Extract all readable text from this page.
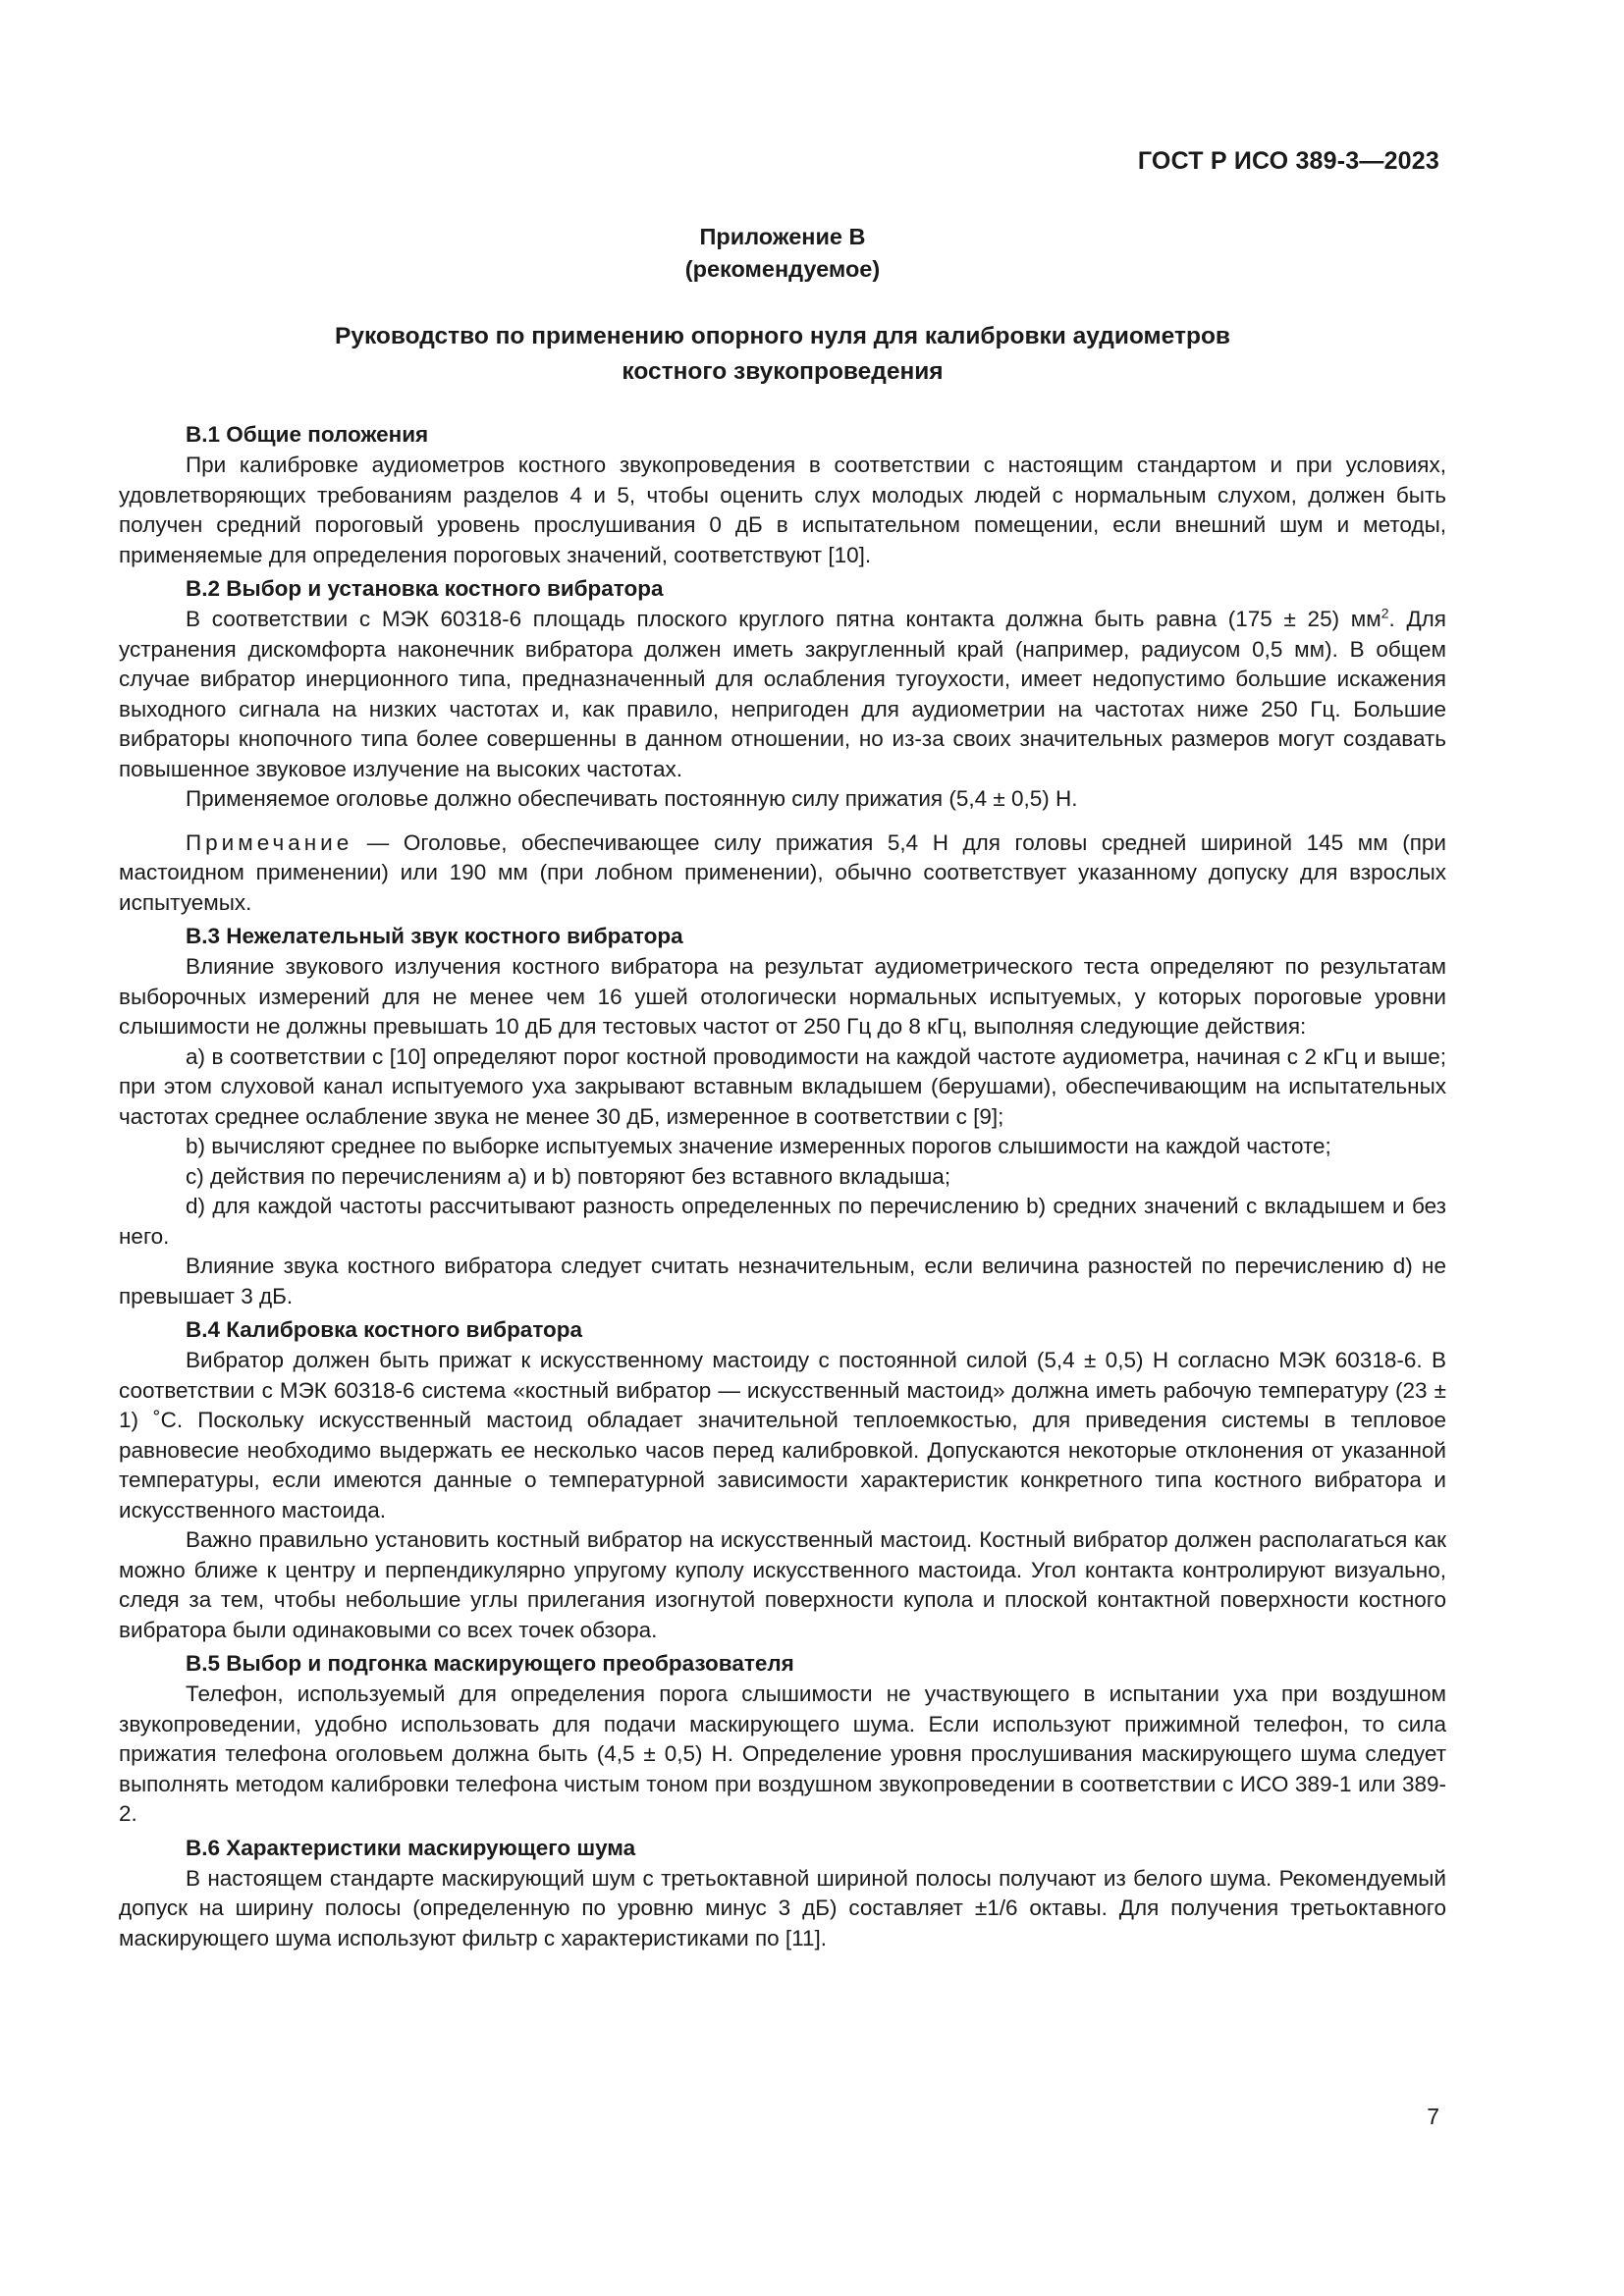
ГОСТ Р ИСО 389-3—2023
Приложение В
(рекомендуемое)
Руководство по применению опорного нуля для калибровки аудиометров
костного звукопроведения
В.1 Общие положения

При калибровке аудиометров костного звукопроведения в соответствии с настоящим стандартом и при условиях, удовлетворяющих требованиям разделов 4 и 5, чтобы оценить слух молодых людей с нормальным слухом, должен быть получен средний пороговый уровень прослушивания 0 дБ в испытательном помещении, если внешний шум и методы, применяемые для определения пороговых значений, соответствуют [10].

В.2 Выбор и установка костного вибратора

В соответствии с МЭК 60318-6 площадь плоского круглого пятна контакта должна быть равна (175 ± 25) $мм^2$. Для устранения дискомфорта наконечник вибратора должен иметь закругленный край (например, радиусом 0,5 мм). В общем случае вибратор инерционного типа, предназначенный для ослабления тугоухости, имеет недопустимо большие искажения выходного сигнала на низких частотах и, как правило, непригоден для аудиометрии на частотах ниже 250 Гц. Большие вибраторы кнопочного типа более совершенны в данном отношении, но из-за своих значительных размеров могут создавать повышенное звуковое излучение на высоких частотах.

Применяемое оголовье должно обеспечивать постоянную силу прижатия (5,4 ± 0,5) Н.

Примечание — Оголовье, обеспечивающее силу прижатия 5,4 Н для головы средней шириной 145 мм (при мастоидном применении) или 190 мм (при лобном применении), обычно соответствует указанному допуску для взрослых испытуемых.

В.3 Нежелательный звук костного вибратора

Влияние звукового излучения костного вибратора на результат аудиометрического теста определяют по результатам выборочных измерений для не менее чем 16 ушей отологически нормальных испытуемых, у которых пороговые уровни слышимости не должны превышать 10 дБ для тестовых частот от 250 Гц до 8 кГц, выполняя следующие действия:

a) в соответствии с [10] определяют порог костной проводимости на каждой частоте аудиометра, начиная с 2 кГц и выше; при этом слуховой канал испытуемого уха закрывают вставным вкладышем (берушами), обеспечивающим на испытательных частотах среднее ослабление звука не менее 30 дБ, измеренное в соответствии с [9];

b) вычисляют среднее по выборке испытуемых значение измеренных порогов слышимости на каждой частоте;

c) действия по перечислениям a) и b) повторяют без вставного вкладыша;

d) для каждой частоты рассчитывают разность определенных по перечислению b) средних значений с вкладышем и без него.

Влияние звука костного вибратора следует считать незначительным, если величина разностей по перечислению d) не превышает 3 дБ.

В.4 Калибровка костного вибратора

Вибратор должен быть прижат к искусственному мастоиду с постоянной силой (5,4 ± 0,5) Н согласно МЭК 60318-6. В соответствии с МЭК 60318-6 система «костный вибратор — искусственный мастоид» должна иметь рабочую температуру (23 ± 1) ˚С. Поскольку искусственный мастоид обладает значительной теплоемкостью, для приведения системы в тепловое равновесие необходимо выдержать ее несколько часов перед калибровкой. Допускаются некоторые отклонения от указанной температуры, если имеются данные о температурной зависимости характеристик конкретного типа костного вибратора и искусственного мастоида.

Важно правильно установить костный вибратор на искусственный мастоид. Костный вибратор должен располагаться как можно ближе к центру и перпендикулярно упругому куполу искусственного мастоида. Угол контакта контролируют визуально, следя за тем, чтобы небольшие углы прилегания изогнутой поверхности купола и плоской контактной поверхности костного вибратора были одинаковыми со всех точек обзора.

В.5 Выбор и подгонка маскирующего преобразователя

Телефон, используемый для определения порога слышимости не участвующего в испытании уха при воздушном звукопроведении, удобно использовать для подачи маскирующего шума. Если используют прижимной телефон, то сила прижатия телефона оголовьем должна быть (4,5 ± 0,5) Н. Определение уровня прослушивания маскирующего шума следует выполнять методом калибровки телефона чистым тоном при воздушном звукопроведении в соответствии с ИСО 389-1 или 389-2.

В.6 Характеристики маскирующего шума

В настоящем стандарте маскирующий шум с третьоктавной шириной полосы получают из белого шума. Рекомендуемый допуск на ширину полосы (определенную по уровню минус 3 дБ) составляет ±1/6 октавы. Для получения третьоктавного маскирующего шума используют фильтр с характеристиками по [11].

7
